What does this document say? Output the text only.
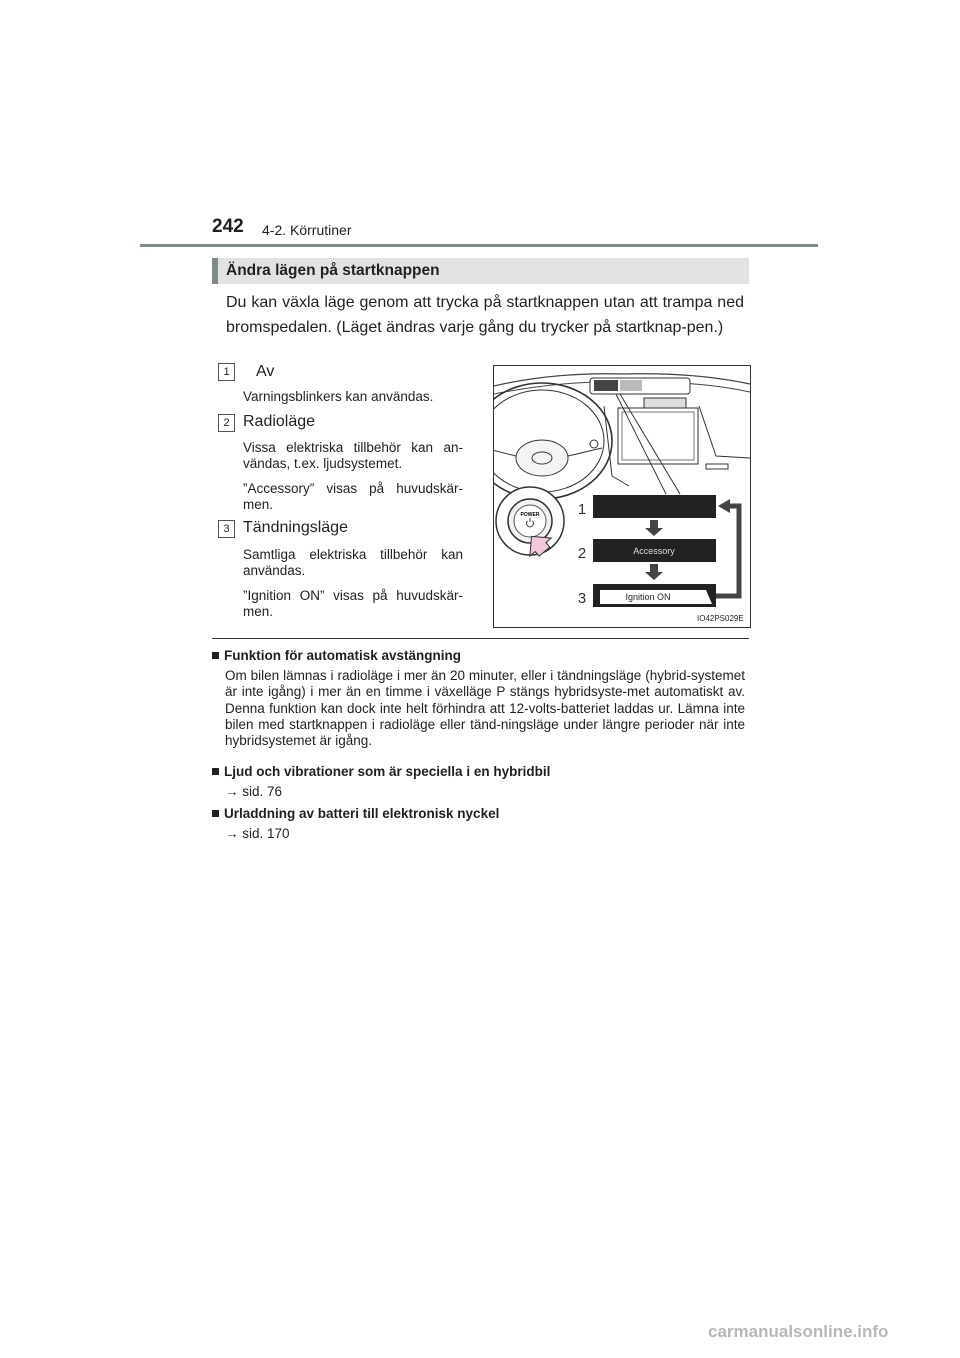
242 4-2. Körrutiner
Ändra lägen på startknappen
Du kan växla läge genom att trycka på startknappen utan att trampa ned bromspedalen. (Läget ändras varje gång du trycker på startknap-pen.)
1	Av
Varningsblinkers kan användas.
2 Radioläge
Vissa elektriska tillbehör kan an-vändas, t.ex. ljudsystemet.
”Accessory” visas på huvudskär-men.
3 Tändningsläge
Samtliga elektriska tillbehör kan användas.
”Ignition ON” visas på huvudskär-men.
POWER
Accessory
Ignition ON
1
2
3
IO42PS029E
Funktion för automatisk avstängning
Om bilen lämnas i radioläge i mer än 20 minuter, eller i tändningsläge (hybrid-systemet är inte igång) i mer än en timme i växelläge P stängs hybridsyste-met automatiskt av. Denna funktion kan dock inte helt förhindra att 12-volts-batteriet laddas ur. Lämna inte bilen med startknappen i radioläge eller tänd-ningsläge under längre perioder när inte hybridsystemet är igång.
Ljud och vibrationer som är speciella i en hybridbil
→ sid. 76
Urladdning av batteri till elektronisk nyckel
→ sid. 170
carmanualsonline.info
